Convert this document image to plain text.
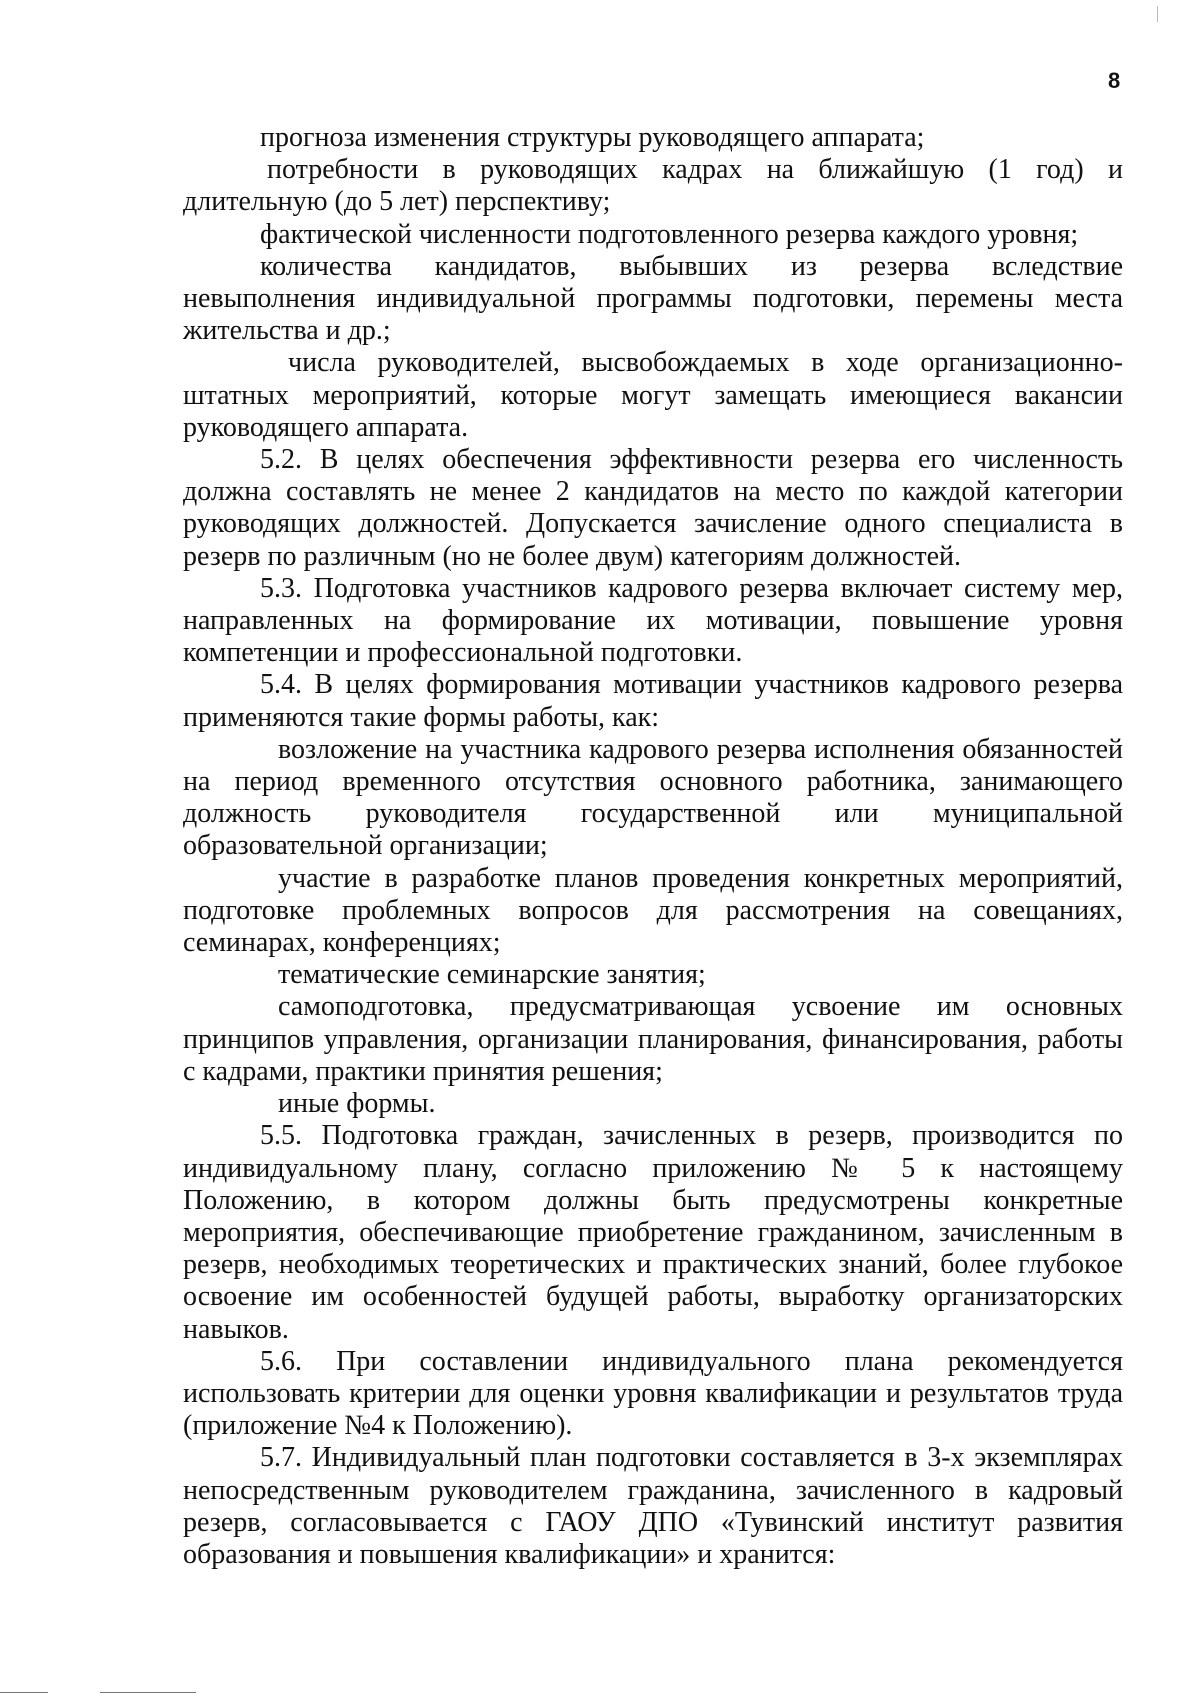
8

прогноза изменения структуры руководящего аппарата;

потребности в руководящих кадрах на ближайшую (1 год) и длительную (до 5 лет) перспективу;

фактической численности подготовленного резерва каждого уровня;

количества кандидатов, выбывших из резерва вследствие невыполнения индивидуальной программы подготовки, перемены места жительства и др.;

числа руководителей, высвобождаемых в ходе организационно-штатных мероприятий, которые могут замещать имеющиеся вакансии руководящего аппарата.

5.2. В целях обеспечения эффективности резерва его численность должна составлять не менее 2 кандидатов на место по каждой категории руководящих должностей. Допускается зачисление одного специалиста в резерв по различным (но не более двум) категориям должностей.

5.3. Подготовка участников кадрового резерва включает систему мер, направленных на формирование их мотивации, повышение уровня компетенции и профессиональной подготовки.

5.4. В целях формирования мотивации участников кадрового резерва применяются такие формы работы, как:

возложение на участника кадрового резерва исполнения обязанностей на период временного отсутствия основного работника, занимающего должность руководителя государственной или муниципальной образовательной организации;

участие в разработке планов проведения конкретных мероприятий, подготовке проблемных вопросов для рассмотрения на совещаниях, семинарах, конференциях;

тематические семинарские занятия;

самоподготовка, предусматривающая усвоение им основных принципов управления, организации планирования, финансирования, работы с кадрами, практики принятия решения;

иные формы.

5.5. Подготовка граждан, зачисленных в резерв, производится по индивидуальному плану, согласно приложению № 5 к настоящему Положению, в котором должны быть предусмотрены конкретные мероприятия, обеспечивающие приобретение гражданином, зачисленным в резерв, необходимых теоретических и практических знаний, более глубокое освоение им особенностей будущей работы, выработку организаторских навыков.

5.6. При составлении индивидуального плана рекомендуется использовать критерии для оценки уровня квалификации и результатов труда (приложение №4 к Положению).

5.7. Индивидуальный план подготовки составляется в 3-х экземплярах непосредственным руководителем гражданина, зачисленного в кадровый резерв, согласовывается с ГАОУ ДПО «Тувинский институт развития образования и повышения квалификации» и хранится:
